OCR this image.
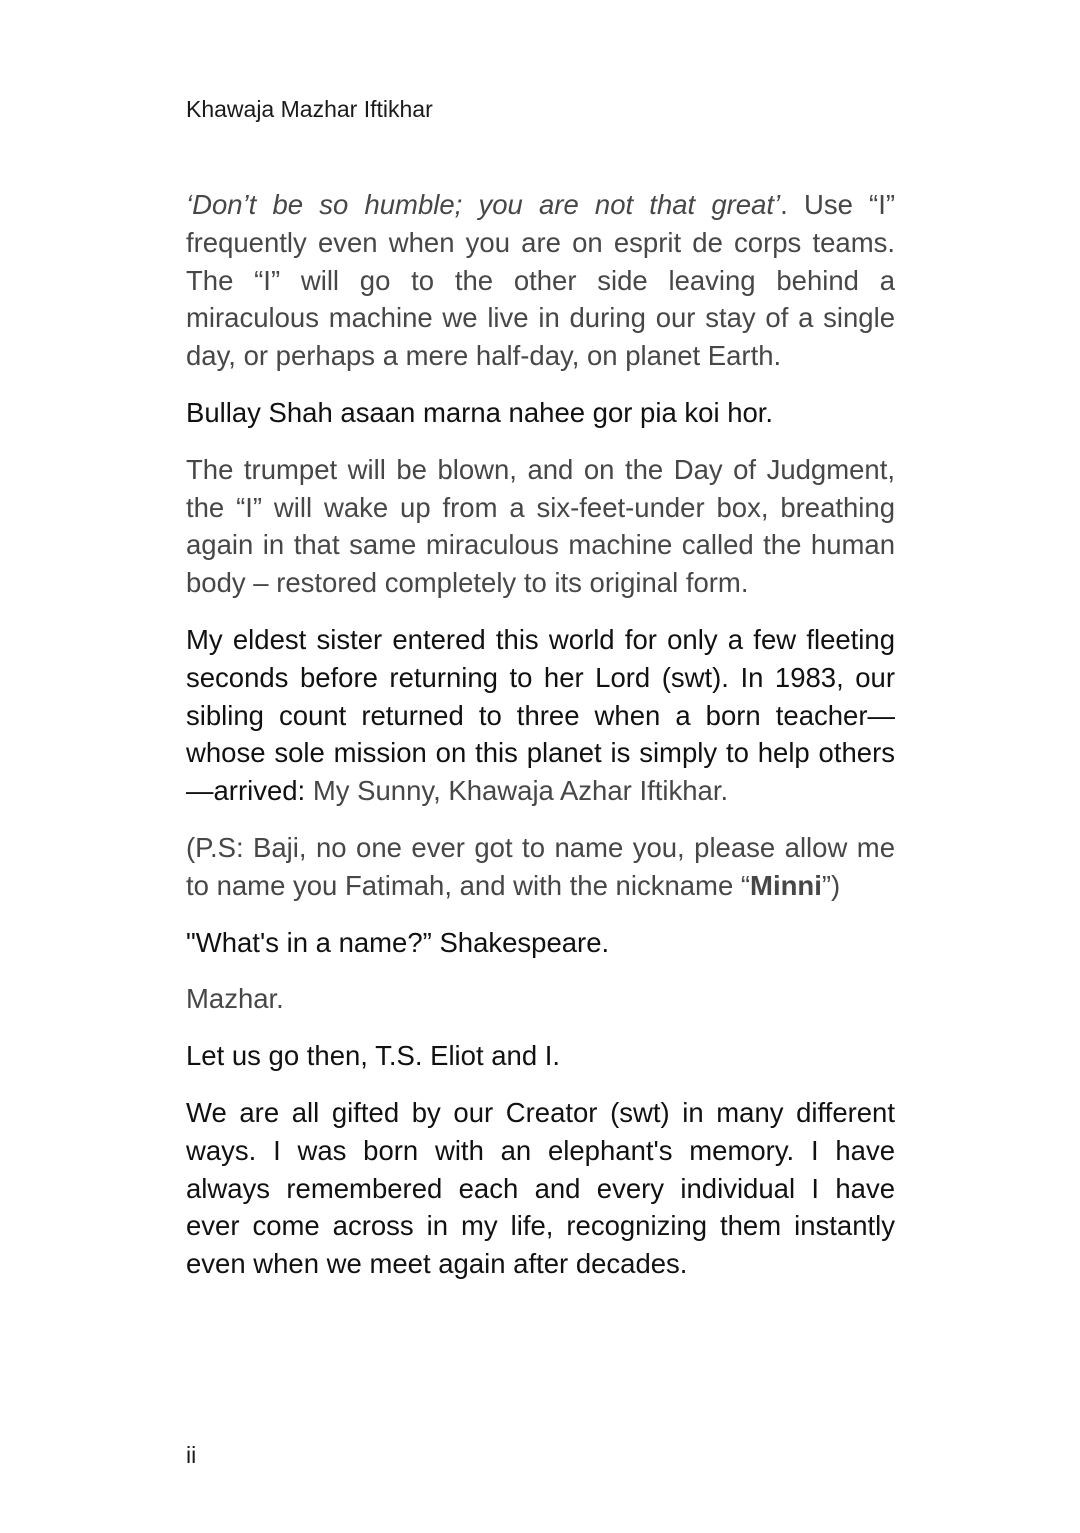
Khawaja Mazhar Iftikhar

‘Don’t be so humble; you are not that great’. Use “I” frequently even when you are on esprit de corps teams. The “I” will go to the other side leaving behind a miraculous machine we live in during our stay of a single day, or perhaps a mere half-day, on planet Earth.

Bullay Shah asaan marna nahee gor pia koi hor.

The trumpet will be blown, and on the Day of Judgment, the “I” will wake up from a six-feet-under box, breathing again in that same miraculous machine called the human body – restored completely to its original form.

My eldest sister entered this world for only a few fleeting seconds before returning to her Lord (swt). In 1983, our sibling count returned to three when a born teacher—whose sole mission on this planet is simply to help others—arrived: My Sunny, Khawaja Azhar Iftikhar.

(P.S: Baji, no one ever got to name you, please allow me to name you Fatimah, and with the nickname “Minni”)

"What's in a name?” Shakespeare.

Mazhar.

Let us go then, T.S. Eliot and I.

We are all gifted by our Creator (swt) in many different ways. I was born with an elephant's memory. I have always remembered each and every individual I have ever come across in my life, recognizing them instantly even when we meet again after decades.

ii
